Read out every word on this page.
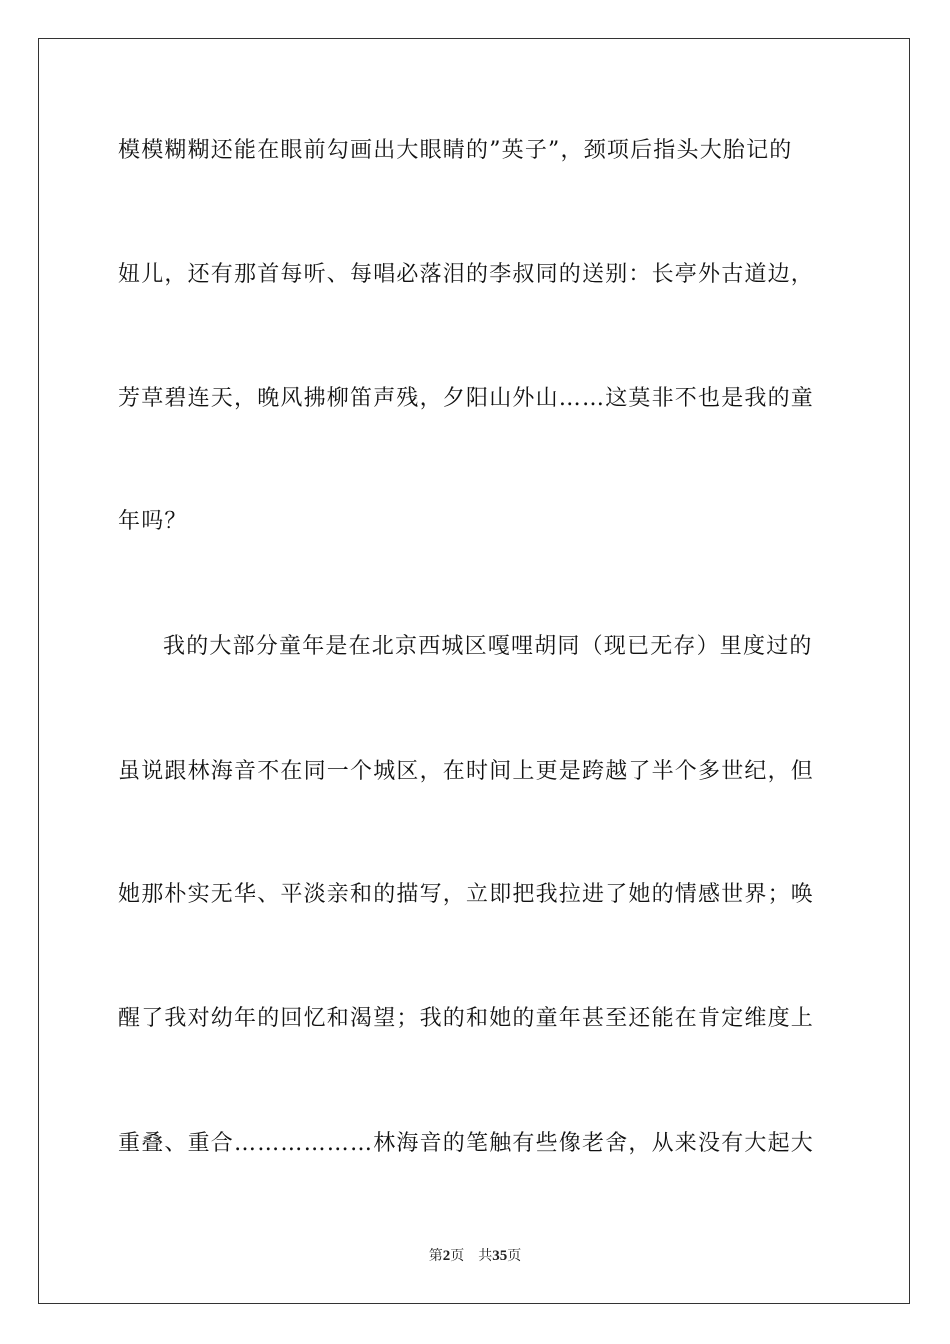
模模糊糊还能在眼前勾画出大眼睛的”英子”，颈项后指头大胎记的
妞儿，还有那首每听、每唱必落泪的李叔同的送别：长亭外古道边，
芳草碧连天，晚风拂柳笛声残，夕阳山外山……这莫非不也是我的童
年吗？
我的大部分童年是在北京西城区嘎哩胡同（现已无存）里度过的
虽说跟林海音不在同一个城区，在时间上更是跨越了半个多世纪，但
她那朴实无华、平淡亲和的描写，立即把我拉进了她的情感世界；唤
醒了我对幼年的回忆和渴望；我的和她的童年甚至还能在肯定维度上
重叠、重合………………林海音的笔触有些像老舍，从来没有大起大
第2页 共35页
